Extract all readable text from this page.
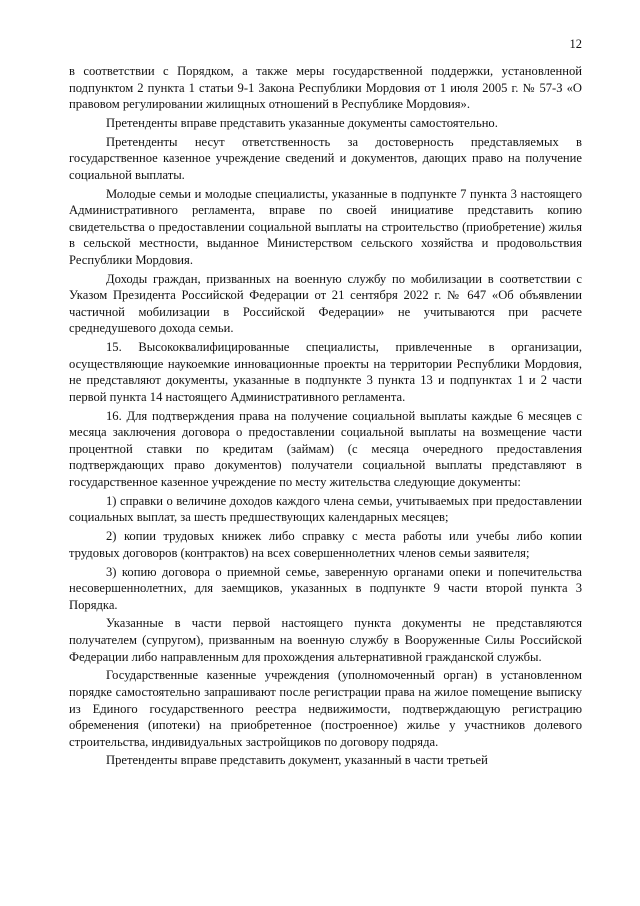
12

в соответствии с Порядком, а также меры государственной поддержки, установленной подпунктом 2 пункта 1 статьи 9-1 Закона Республики Мордовия от 1 июля 2005 г. № 57-З «О правовом регулировании жилищных отношений в Республике Мордовия».

Претенденты вправе представить указанные документы самостоятельно.

Претенденты несут ответственность за достоверность представляемых в государственное казенное учреждение сведений и документов, дающих право на получение социальной выплаты.

Молодые семьи и молодые специалисты, указанные в подпункте 7 пункта 3 настоящего Административного регламента, вправе по своей инициативе представить копию свидетельства о предоставлении социальной выплаты на строительство (приобретение) жилья в сельской местности, выданное Министерством сельского хозяйства и продовольствия Республики Мордовия.

Доходы граждан, призванных на военную службу по мобилизации в соответствии с Указом Президента Российской Федерации от 21 сентября 2022 г. № 647 «Об объявлении частичной мобилизации в Российской Федерации» не учитываются при расчете среднедушевого дохода семьи.

15. Высококвалифицированные специалисты, привлеченные в организации, осуществляющие наукоемкие инновационные проекты на территории Республики Мордовия, не представляют документы, указанные в подпункте 3 пункта 13 и подпунктах 1 и 2 части первой пункта 14 настоящего Административного регламента.

16. Для подтверждения права на получение социальной выплаты каждые 6 месяцев с месяца заключения договора о предоставлении социальной выплаты на возмещение части процентной ставки по кредитам (займам) (с месяца очередного предоставления подтверждающих право документов) получатели социальной выплаты представляют в государственное казенное учреждение по месту жительства следующие документы:

1) справки о величине доходов каждого члена семьи, учитываемых при предоставлении социальных выплат, за шесть предшествующих календарных месяцев;

2) копии трудовых книжек либо справку с места работы или учебы либо копии трудовых договоров (контрактов) на всех совершеннолетних членов семьи заявителя;

3) копию договора о приемной семье, заверенную органами опеки и попечительства несовершеннолетних, для заемщиков, указанных в подпункте 9 части второй пункта 3 Порядка.

Указанные в части первой настоящего пункта документы не представляются получателем (супругом), призванным на военную службу в Вооруженные Силы Российской Федерации либо направленным для прохождения альтернативной гражданской службы.

Государственные казенные учреждения (уполномоченный орган) в установленном порядке самостоятельно запрашивают после регистрации права на жилое помещение выписку из Единого государственного реестра недвижимости, подтверждающую регистрацию обременения (ипотеки) на приобретенное (построенное) жилье у участников долевого строительства, индивидуальных застройщиков по договору подряда.

Претенденты вправе представить документ, указанный в части третьей
